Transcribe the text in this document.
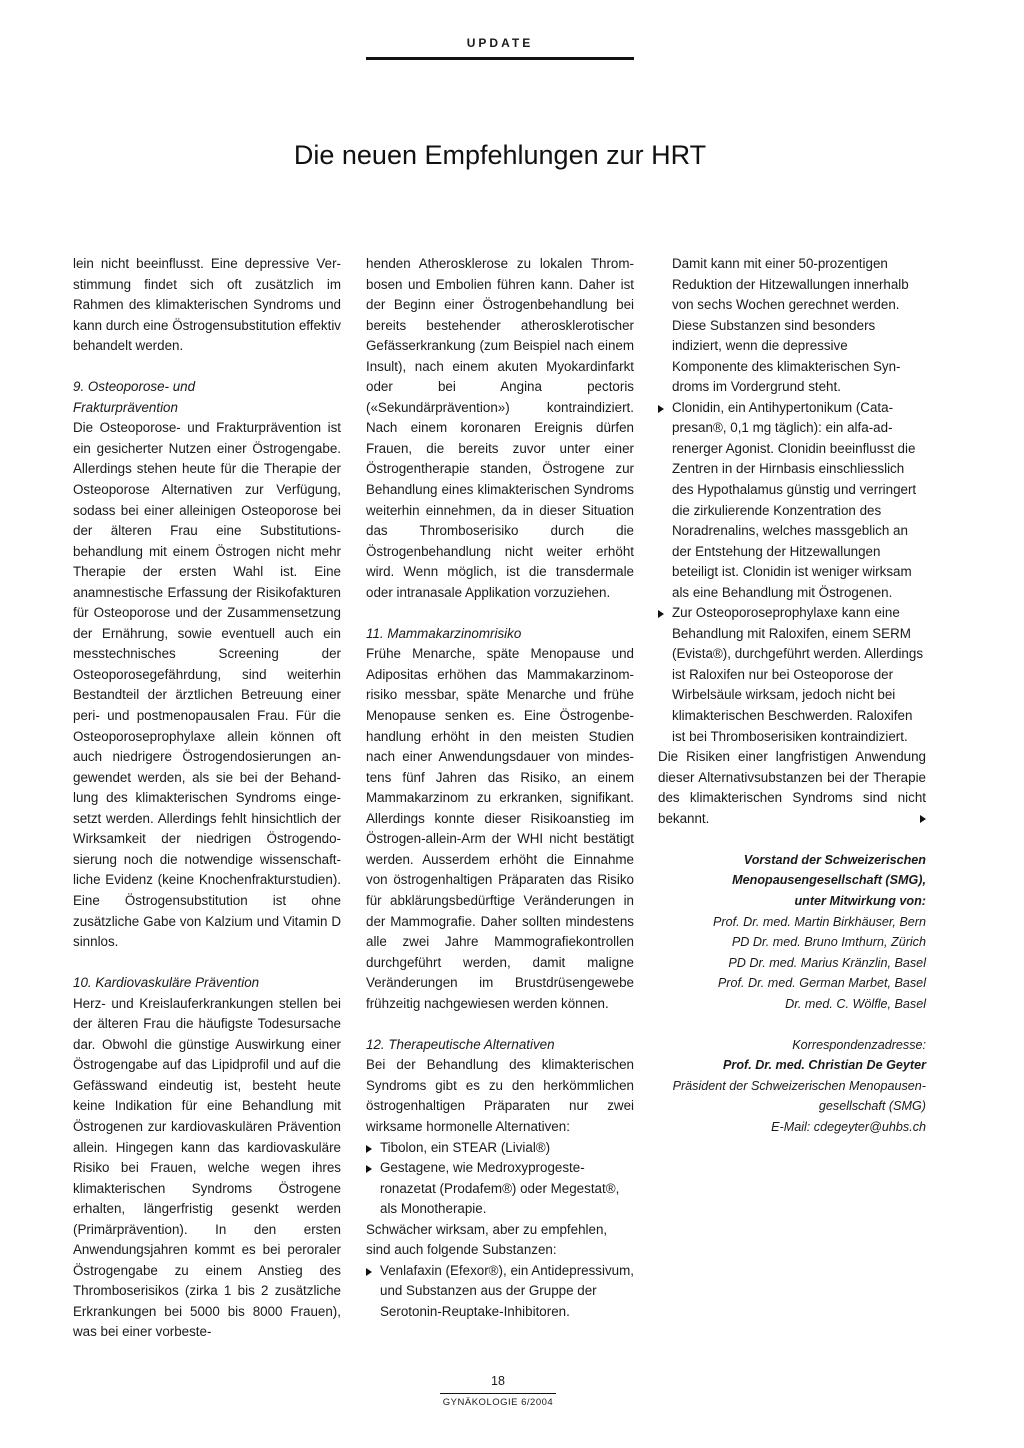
UPDATE
Die neuen Empfehlungen zur HRT

lein nicht beeinflusst. Eine depressive Verstimmung findet sich oft zusätzlich im Rahmen des klimakterischen Syndroms und kann durch eine Östrogensubstitution effektiv behandelt werden.

9. Osteoporose- und Frakturprävention

Die Osteoporose- und Frakturprävention ist ein gesicherter Nutzen einer Östrogengabe. Allerdings stehen heute für die Therapie der Osteoporose Alternativen zur Verfügung, sodass bei einer alleinigen Osteoporose bei der älteren Frau eine Substitutionsbehandlung mit einem Östrogen nicht mehr Therapie der ersten Wahl ist. Eine anamnestische Erfassung der Risikofakturen für Osteoporose und der Zusammensetzung der Ernährung, sowie eventuell auch ein messtechnisches Screening der Osteoporosegefährdung, sind weiterhin Bestandteil der ärztlichen Betreuung einer peri- und postmenopausalen Frau. Für die Osteoporoseprophylaxe allein können oft auch niedrigere Östrogendosierungen angewendet werden, als sie bei der Behandlung des klimakterischen Syndroms eingesetzt werden. Allerdings fehlt hinsichtlich der Wirksamkeit der niedrigen Östrogendosierung noch die notwendige wissenschaftliche Evidenz (keine Knochenfrakturstudien). Eine Östrogensubstitution ist ohne zusätzliche Gabe von Kalzium und Vitamin D sinnlos.

10. Kardiovaskuläre Prävention

Herz- und Kreislauferkrankungen stellen bei der älteren Frau die häufigste Todesursache dar. Obwohl die günstige Auswirkung einer Östrogengabe auf das Lipidprofil und auf die Gefässwand eindeutig ist, besteht heute keine Indikation für eine Behandlung mit Östrogenen zur kardiovaskulären Prävention allein. Hingegen kann das kardiovaskuläre Risiko bei Frauen, welche wegen ihres klimakterischen Syndroms Östrogene erhalten, längerfristig gesenkt werden (Primärprävention). In den ersten Anwendungsjahren kommt es bei peroraler Östrogengabe zu einem Anstieg des Thromboserisikos (zirka 1 bis 2 zusätzliche Erkrankungen bei 5000 bis 8000 Frauen), was bei einer vorbeste-

henden Atherosklerose zu lokalen Thrombosen und Embolien führen kann. Daher ist der Beginn einer Östrogenbehandlung bei bereits bestehender atherosklerotischer Gefässerkrankung (zum Beispiel nach einem Insult), nach einem akuten Myokardinfarkt oder bei Angina pectoris («Sekundärprävention») kontraindiziert. Nach einem koronaren Ereignis dürfen Frauen, die bereits zuvor unter einer Östrogentherapie standen, Östrogene zur Behandlung eines klimakterischen Syndroms weiterhin einnehmen, da in dieser Situation das Thromboserisiko durch die Östrogenbehandlung nicht weiter erhöht wird. Wenn möglich, ist die transdermale oder intranasale Applikation vorzuziehen.

11. Mammakarzinomrisiko

Frühe Menarche, späte Menopause und Adipositas erhöhen das Mammakarzinomrisiko messbar, späte Menarche und frühe Menopause senken es. Eine Östrogenbehandlung erhöht in den meisten Studien nach einer Anwendungsdauer von mindestens fünf Jahren das Risiko, an einem Mammakarzinom zu erkranken, signifikant. Allerdings konnte dieser Risikoanstieg im Östrogen-allein-Arm der WHI nicht bestätigt werden. Ausserdem erhöht die Einnahme von östrogenhaltigen Präparaten das Risiko für abklärungsbedürftige Veränderungen in der Mammografie. Daher sollten mindestens alle zwei Jahre Mammografiekontrollen durchgeführt werden, damit maligne Veränderungen im Brustdrüsengewebe frühzeitig nachgewiesen werden können.

12. Therapeutische Alternativen

Bei der Behandlung des klimakterischen Syndroms gibt es zu den herkömmlichen östrogenhaltigen Präparaten nur zwei wirksame hormonelle Alternativen:

Tibolon, ein STEAR (Livial®)
Gestagene, wie Medroxyprogesteronazetat (Prodafem®) oder Megestat®, als Monotherapie.

Schwächer wirksam, aber zu empfehlen, sind auch folgende Substanzen:

Venlafaxin (Efexor®), ein Antidepressivum, und Substanzen aus der Gruppe der Serotonin-Reuptake-Inhibitoren.

Damit kann mit einer 50-prozentigen Reduktion der Hitzewallungen innerhalb von sechs Wochen gerechnet werden. Diese Substanzen sind besonders indiziert, wenn die depressive Komponente des klimakterischen Syndroms im Vordergrund steht.

Clonidin, ein Antihypertonikum (Catapresan®, 0,1 mg täglich): ein alfa-adrenerger Agonist. Clonidin beeinflusst die Zentren in der Hirnbasis einschliesslich des Hypothalamus günstig und verringert die zirkulierende Konzentration des Noradrenalins, welches massgeblich an der Entstehung der Hitzewallungen beteiligt ist. Clonidin ist weniger wirksam als eine Behandlung mit Östrogenen.
Zur Osteoporoseprophylaxe kann eine Behandlung mit Raloxifen, einem SERM (Evista®), durchgeführt werden. Allerdings ist Raloxifen nur bei Osteoporose der Wirbelsäule wirksam, jedoch nicht bei klimakterischen Beschwerden. Raloxifen ist bei Thromboserisiken kontraindiziert.

Die Risiken einer langfristigen Anwendung dieser Alternativsubstanzen bei der Therapie des klimakterischen Syndroms sind nicht bekannt.

Vorstand der Schweizerischen
Menopausengesellschaft (SMG),
unter Mitwirkung von:
Prof. Dr. med. Martin Birkhäuser, Bern
PD Dr. med. Bruno Imthurn, Zürich
PD Dr. med. Marius Kränzlin, Basel
Prof. Dr. med. German Marbet, Basel
Dr. med. C. Wölfle, Basel
Korrespondenzadresse:
Prof. Dr. med. Christian De Geyter
Präsident der Schweizerischen Menopausen-
gesellschaft (SMG)
E-Mail: cdegeyter@uhbs.ch
18
GYNÄKOLOGIE 6/2004
